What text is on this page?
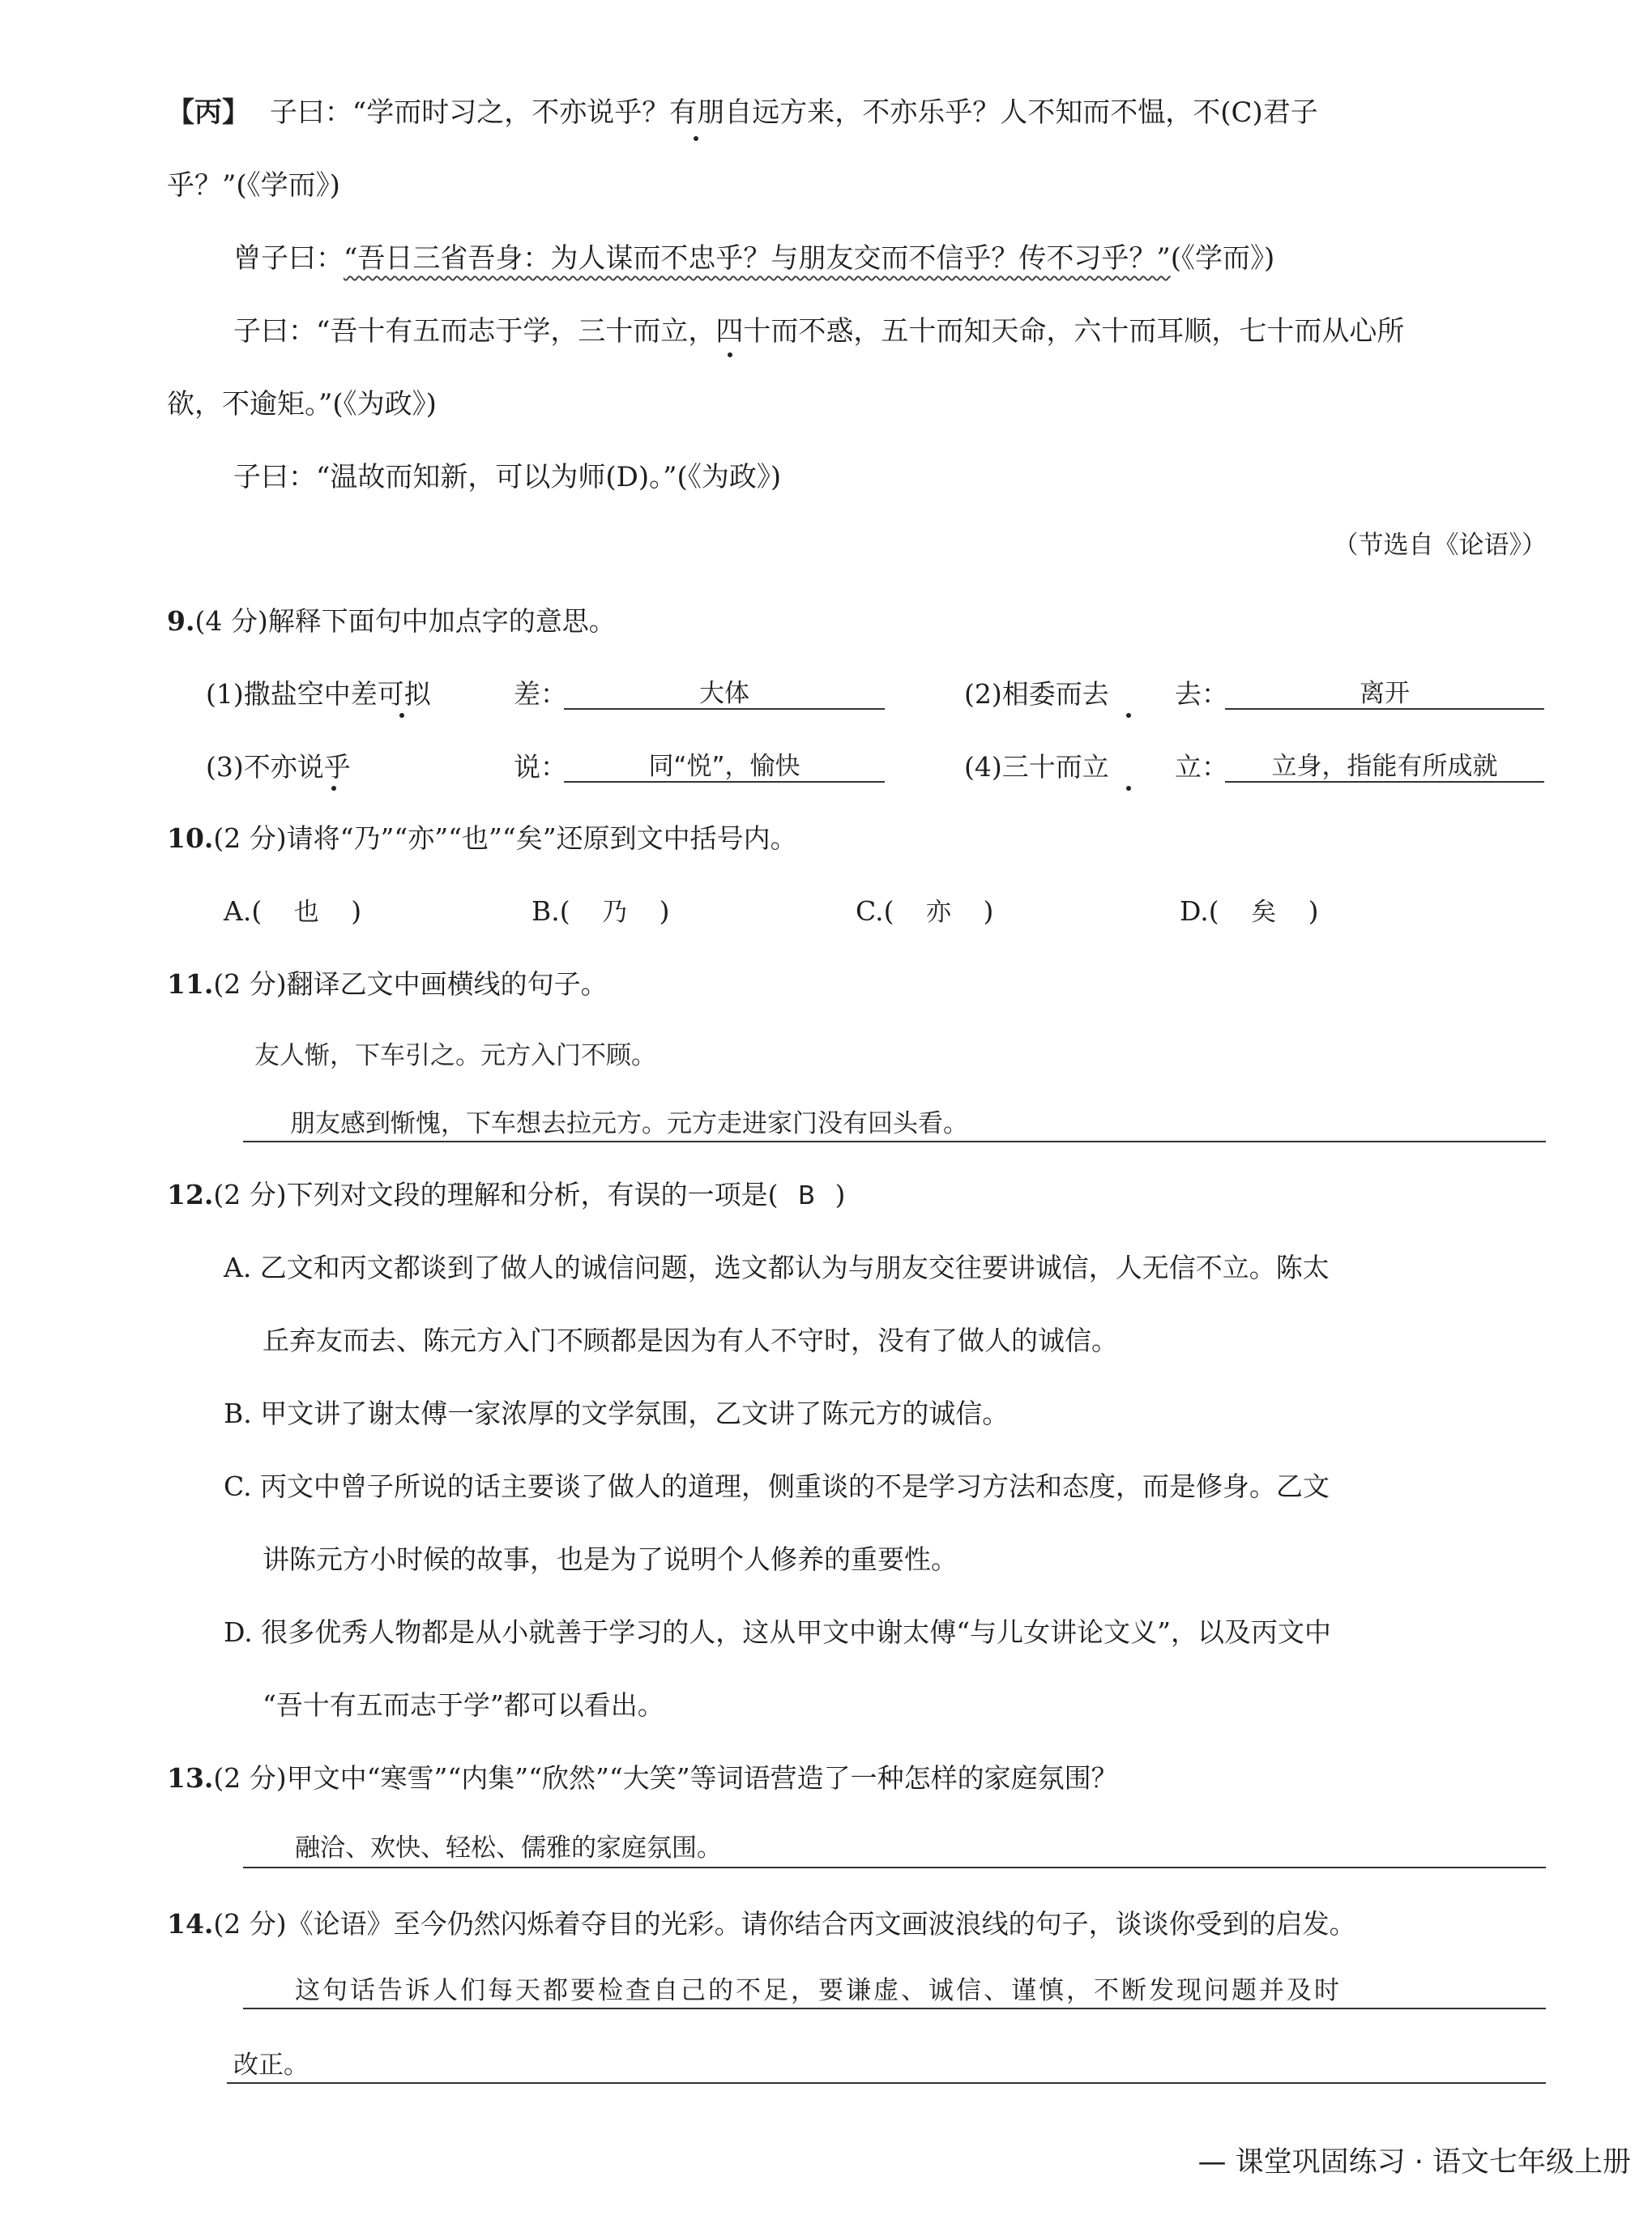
【丙】 子曰：“学而时习之，不亦说乎？有朋自远方来，不亦乐乎？人不知而不愠，不(C)君子
乎？”(《学而》)
曾子曰：“吾日三省吾身：为人谋而不忠乎？与朋友交而不信乎？传不习乎？”(《学而》)
子曰：“吾十有五而志于学，三十而立，四十而不惑，五十而知天命，六十而耳顺，七十而从心所
欲，不逾矩。”(《为政》)
子曰：“温故而知新，可以为师(D)。”(《为政》)
（节选自《论语》）
9.(4 分)解释下面句中加点字的意思。
(1)撒盐空中差可拟	差：	大体	(2)相委而去 去：	离开
(3)不亦说乎	说：	同“悦”，愉快	(4)三十而立 立：	立身，指能有所成就
10.(2 分)请将“乃”“亦”“也”“矣”还原到文中括号内。
A.( 也 )	B.( 乃 )	C.( 亦 )	D.( 矣 )
11.(2 分)翻译乙文中画横线的句子。
友人惭，下车引之。元方入门不顾。
朋友感到惭愧，下车想去拉元方。元方走进家门没有回头看。
12.(2 分)下列对文段的理解和分析，有误的一项是( B )
A. 乙文和丙文都谈到了做人的诚信问题，选文都认为与朋友交往要讲诚信，人无信不立。陈太
丘弃友而去、陈元方入门不顾都是因为有人不守时，没有了做人的诚信。
B. 甲文讲了谢太傅一家浓厚的文学氛围，乙文讲了陈元方的诚信。
C. 丙文中曾子所说的话主要谈了做人的道理，侧重谈的不是学习方法和态度，而是修身。乙文
讲陈元方小时候的故事，也是为了说明个人修养的重要性。
D. 很多优秀人物都是从小就善于学习的人，这从甲文中谢太傅“与儿女讲论文义”，以及丙文中
“吾十有五而志于学”都可以看出。
13.(2 分)甲文中“寒雪”“内集”“欣然”“大笑”等词语营造了一种怎样的家庭氛围？
融洽、欢快、轻松、儒雅的家庭氛围。
14.(2 分)《论语》至今仍然闪烁着夺目的光彩。请你结合丙文画波浪线的句子，谈谈你受到的启发。
这句话告诉人们每天都要检查自己的不足，要谦虚、诚信、谨慎，不断发现问题并及时
改正。
— 课堂巩固练习 · 语文七年级上册
